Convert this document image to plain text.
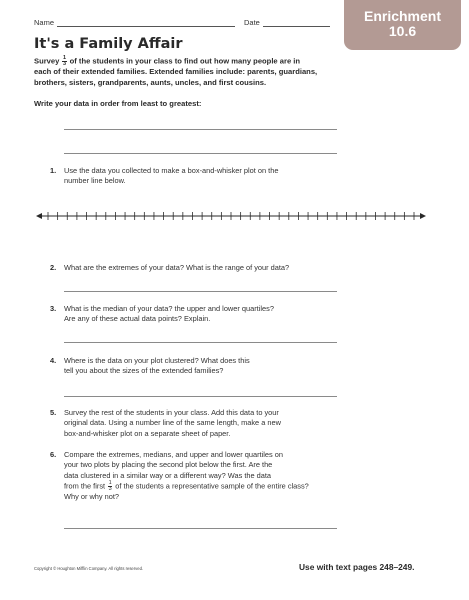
Name	Date	Enrichment
10.6
It's a Family Affair
Survey $\frac{1}{3}$ of the students in your class to find out how many people are in
each of their extended families. Extended families include: parents, guardians,
brothers, sisters, grandparents, aunts, uncles, and first cousins.
Write your data in order from least to greatest:
1.	Use the data you collected to make a box-and-whisker plot on the
number line below.
2.	What are the extremes of your data? What is the range of your data?
3.	What is the median of your data? the upper and lower quartiles?
Are any of these actual data points? Explain.
4.	Where is the data on your plot clustered? What does this
tell you about the sizes of the extended families?
5.	Survey the rest of the students in your class. Add this data to your
original data. Using a number line of the same length, make a new
box-and-whisker plot on a separate sheet of paper.
6.	Compare the extremes, medians, and upper and lower quartiles on
your two plots by placing the second plot below the first. Are the
data clustered in a similar way or a different way? Was the data
from the first $\frac{1}{3}$ of the students a representative sample of the entire class?
Why or why not?
Copyright © Houghton Mifflin Company. All rights reserved.	Use with text pages 248–249.
